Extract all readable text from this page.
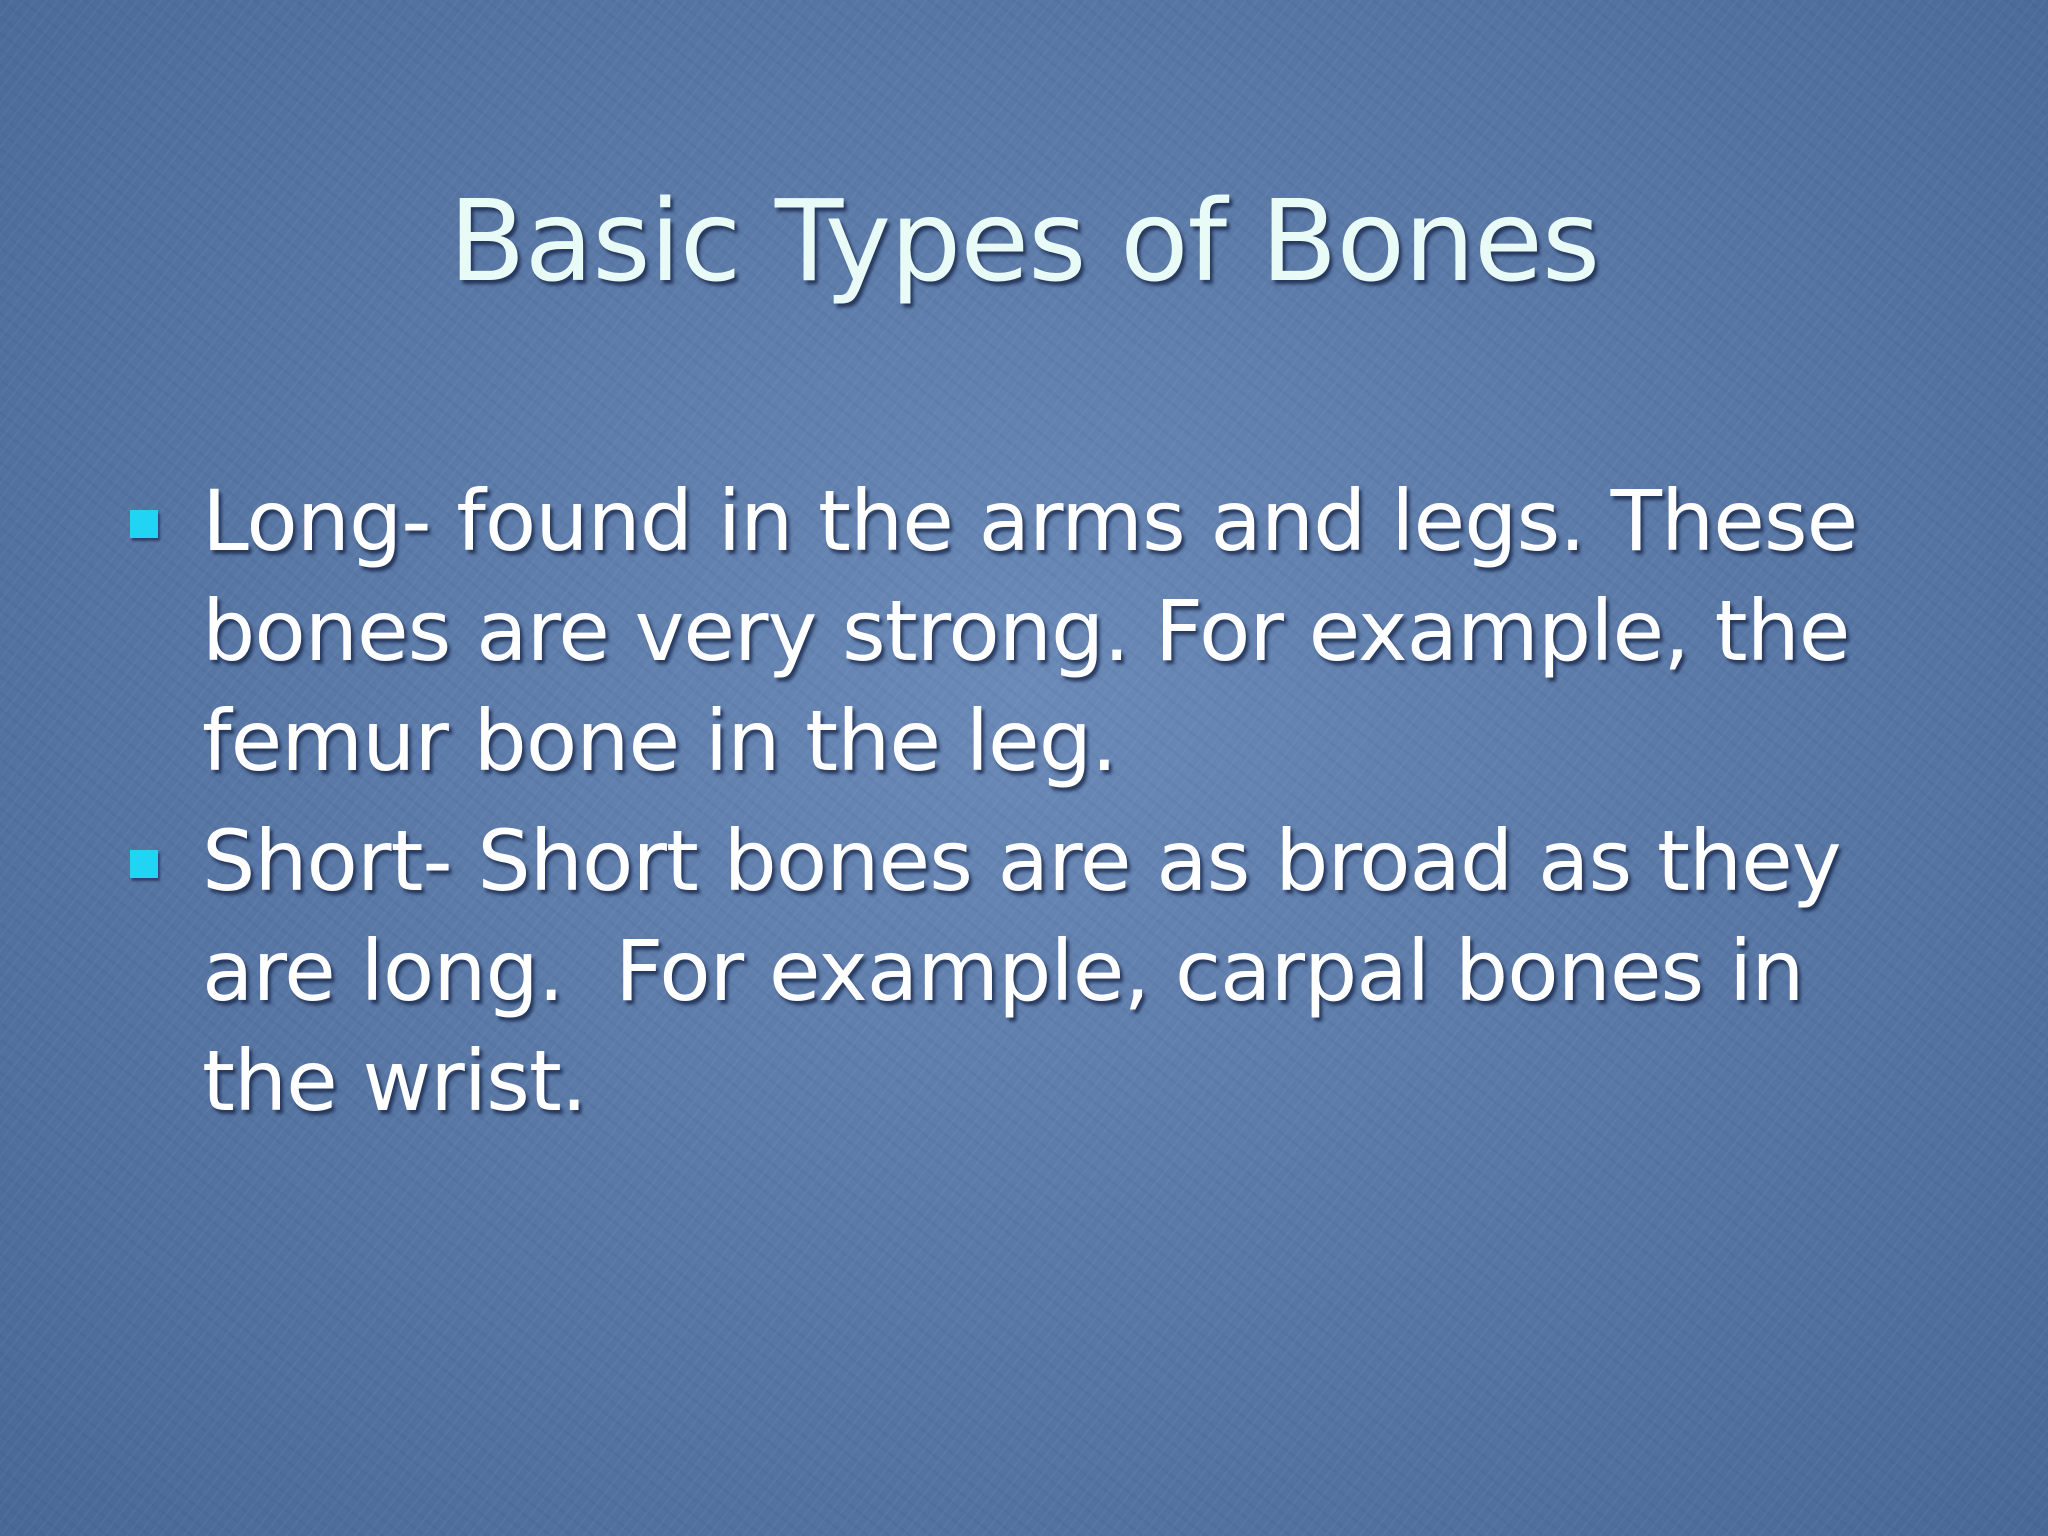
Basic Types of Bones
Long- found in the arms and legs. These
bones are very strong. For example, the
femur bone in the leg.
Short- Short bones are as broad as they
are long.  For example, carpal bones in
the wrist.
